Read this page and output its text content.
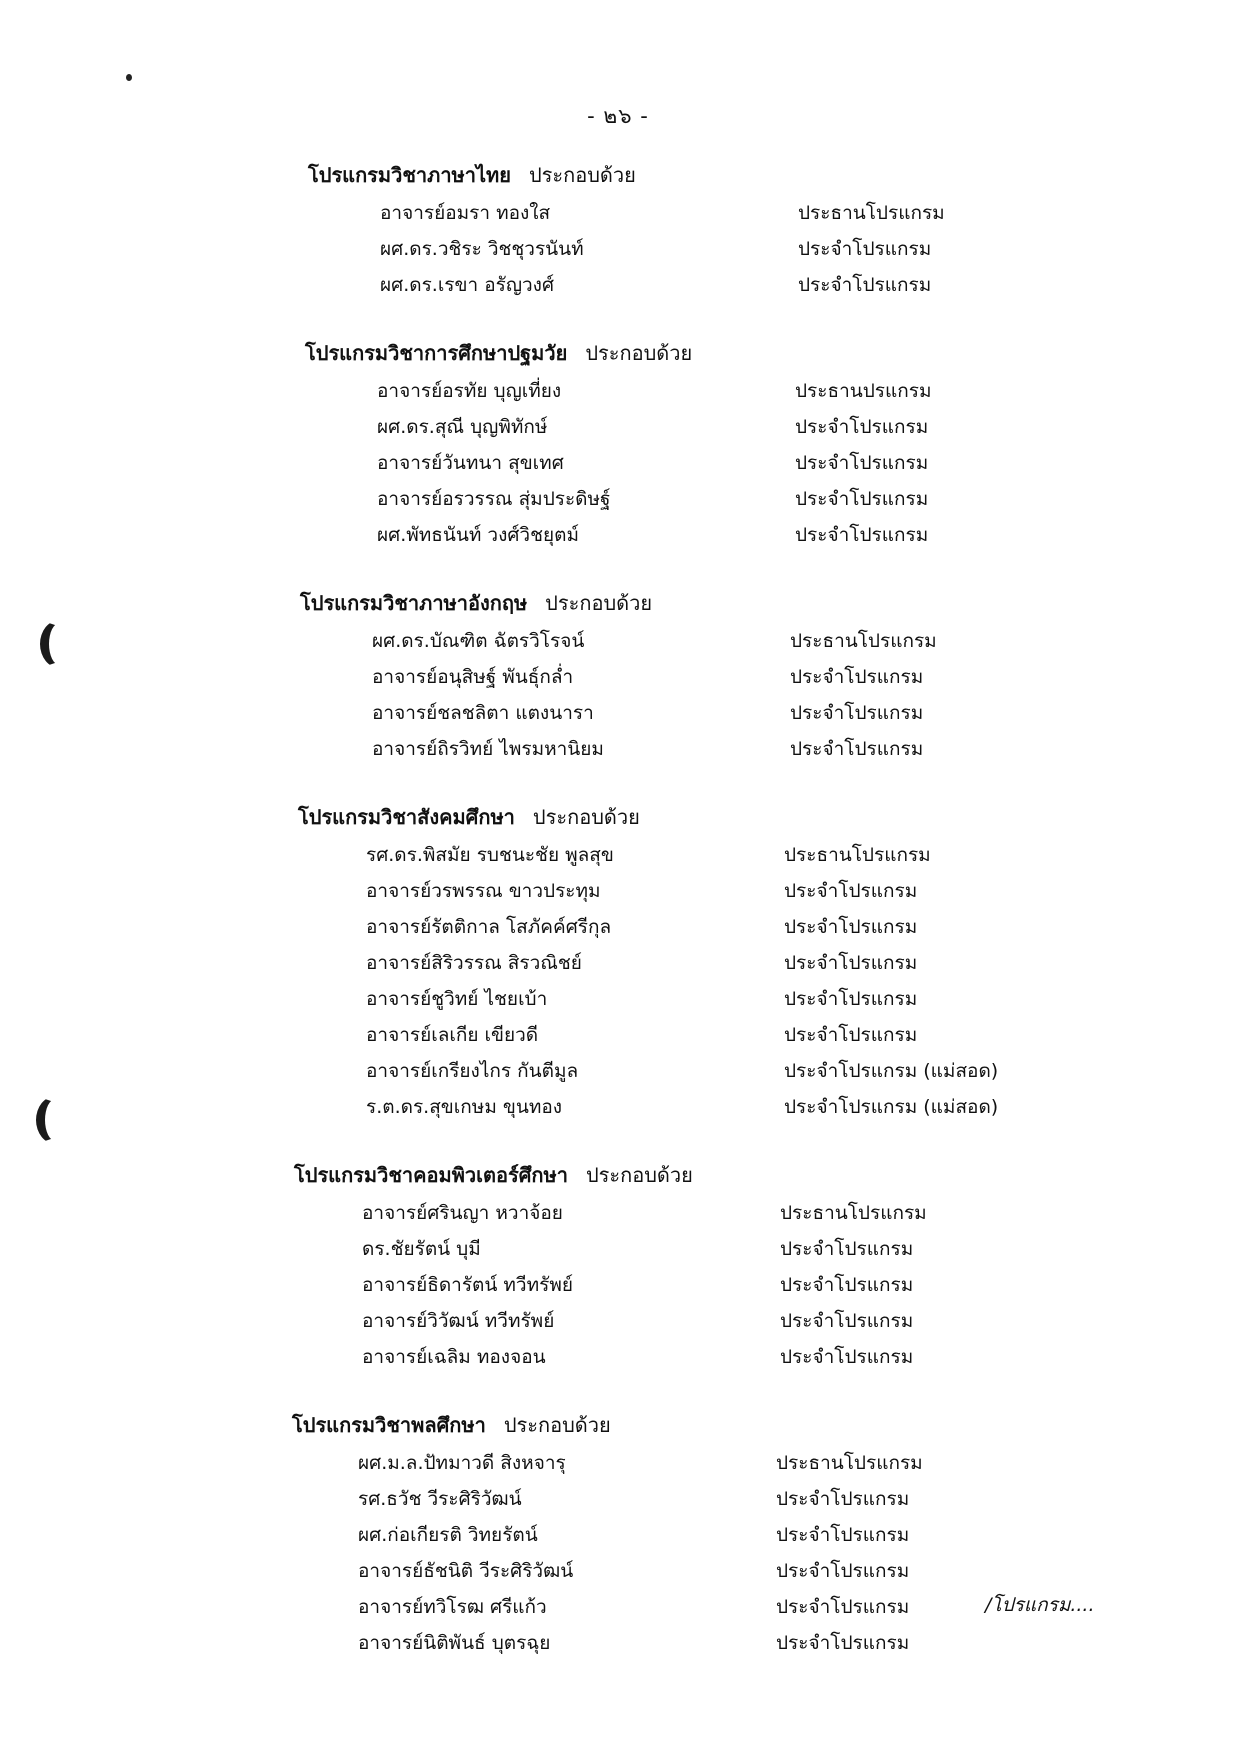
- ๒๖ -
โปรแกรมวิชาภาษาไทย ประกอบด้วย
อาจารย์อมรา ทองใส	ประธานโปรแกรม
ผศ.ดร.วชิระ วิชชุวรนันท์	ประจำโปรแกรม
ผศ.ดร.เรขา อรัญวงศ์	ประจำโปรแกรม
โปรแกรมวิชาการศึกษาปฐมวัย ประกอบด้วย
อาจารย์อรทัย บุญเที่ยง	ประธานปรแกรม
ผศ.ดร.สุณี บุญพิทักษ์	ประจำโปรแกรม
อาจารย์วันทนา สุขเทศ	ประจำโปรแกรม
อาจารย์อรวรรณ สุ่มประดิษฐ์	ประจำโปรแกรม
ผศ.พัทธนันท์ วงศ์วิชยุตม์	ประจำโปรแกรม
โปรแกรมวิชาภาษาอังกฤษ ประกอบด้วย
ผศ.ดร.บัณฑิต ฉัตรวิโรจน์	ประธานโปรแกรม
อาจารย์อนุสิษฐ์ พันธุ์กล่ำ	ประจำโปรแกรม
อาจารย์ชลชลิตา แตงนารา	ประจำโปรแกรม
อาจารย์ถิรวิทย์ ไพรมหานิยม	ประจำโปรแกรม
โปรแกรมวิชาสังคมศึกษา ประกอบด้วย
รศ.ดร.พิสมัย รบชนะชัย พูลสุข	ประธานโปรแกรม
อาจารย์วรพรรณ ขาวประทุม	ประจำโปรแกรม
อาจารย์รัตติกาล โสภัคค์ศรีกุล	ประจำโปรแกรม
อาจารย์สิริวรรณ สิรวณิชย์	ประจำโปรแกรม
อาจารย์ชูวิทย์ ไชยเบ้า	ประจำโปรแกรม
อาจารย์เลเกีย เขียวดี	ประจำโปรแกรม
อาจารย์เกรียงไกร กันตีมูล	ประจำโปรแกรม (แม่สอด)
ร.ต.ดร.สุขเกษม ขุนทอง	ประจำโปรแกรม (แม่สอด)
โปรแกรมวิชาคอมพิวเตอร์ศึกษา ประกอบด้วย
อาจารย์ศรินญา หวาจ้อย	ประธานโปรแกรม
ดร.ชัยรัตน์ บุมี	ประจำโปรแกรม
อาจารย์ธิดารัตน์ ทวีทรัพย์	ประจำโปรแกรม
อาจารย์วิวัฒน์ ทวีทรัพย์	ประจำโปรแกรม
อาจารย์เฉลิม ทองจอน	ประจำโปรแกรม
โปรแกรมวิชาพลศึกษา ประกอบด้วย
ผศ.ม.ล.ปัทมาวดี สิงหจารุ	ประธานโปรแกรม
รศ.ธวัช วีระศิริวัฒน์	ประจำโปรแกรม
ผศ.ก่อเกียรติ วิทยรัตน์	ประจำโปรแกรม
อาจารย์ธัชนิติ วีระศิริวัฒน์	ประจำโปรแกรม
อาจารย์ทวิโรฒ ศรีแก้ว	ประจำโปรแกรม
อาจารย์นิติพันธ์ บุตรฉุย	ประจำโปรแกรม
/โปรแกรม....
